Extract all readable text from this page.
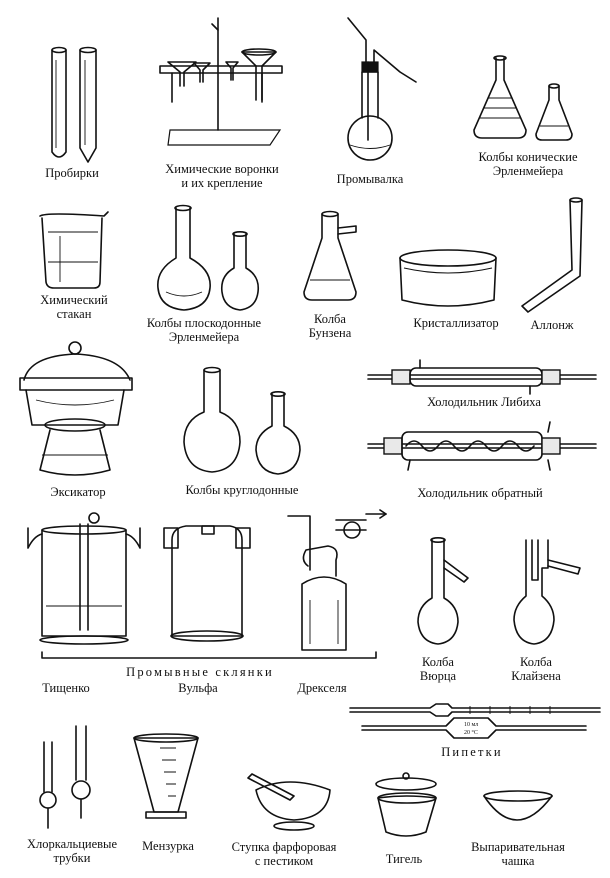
10 мл
20 °С
Пробирки	Химические воронки
и их крепление	Промывалка
Колбы конические
Эрленмейера
Химический
стакан
Колбы плоскодонные
Эрленмейера
Колба
Бунзена
Кристаллизатор	Аллонж
Холодильник Либиха
Эксикатор	Колбы круглодонные	Холодильник обратный
Промывные склянки
Тищенко	Вульфа	Дрекселя
Колба
Вюрца
Колба
Клайзена
Пипетки
Хлоркальциевые
трубки
Мензурка	Ступка фарфоровая
с пестиком	Тигель
Выпаривательная
чашка
